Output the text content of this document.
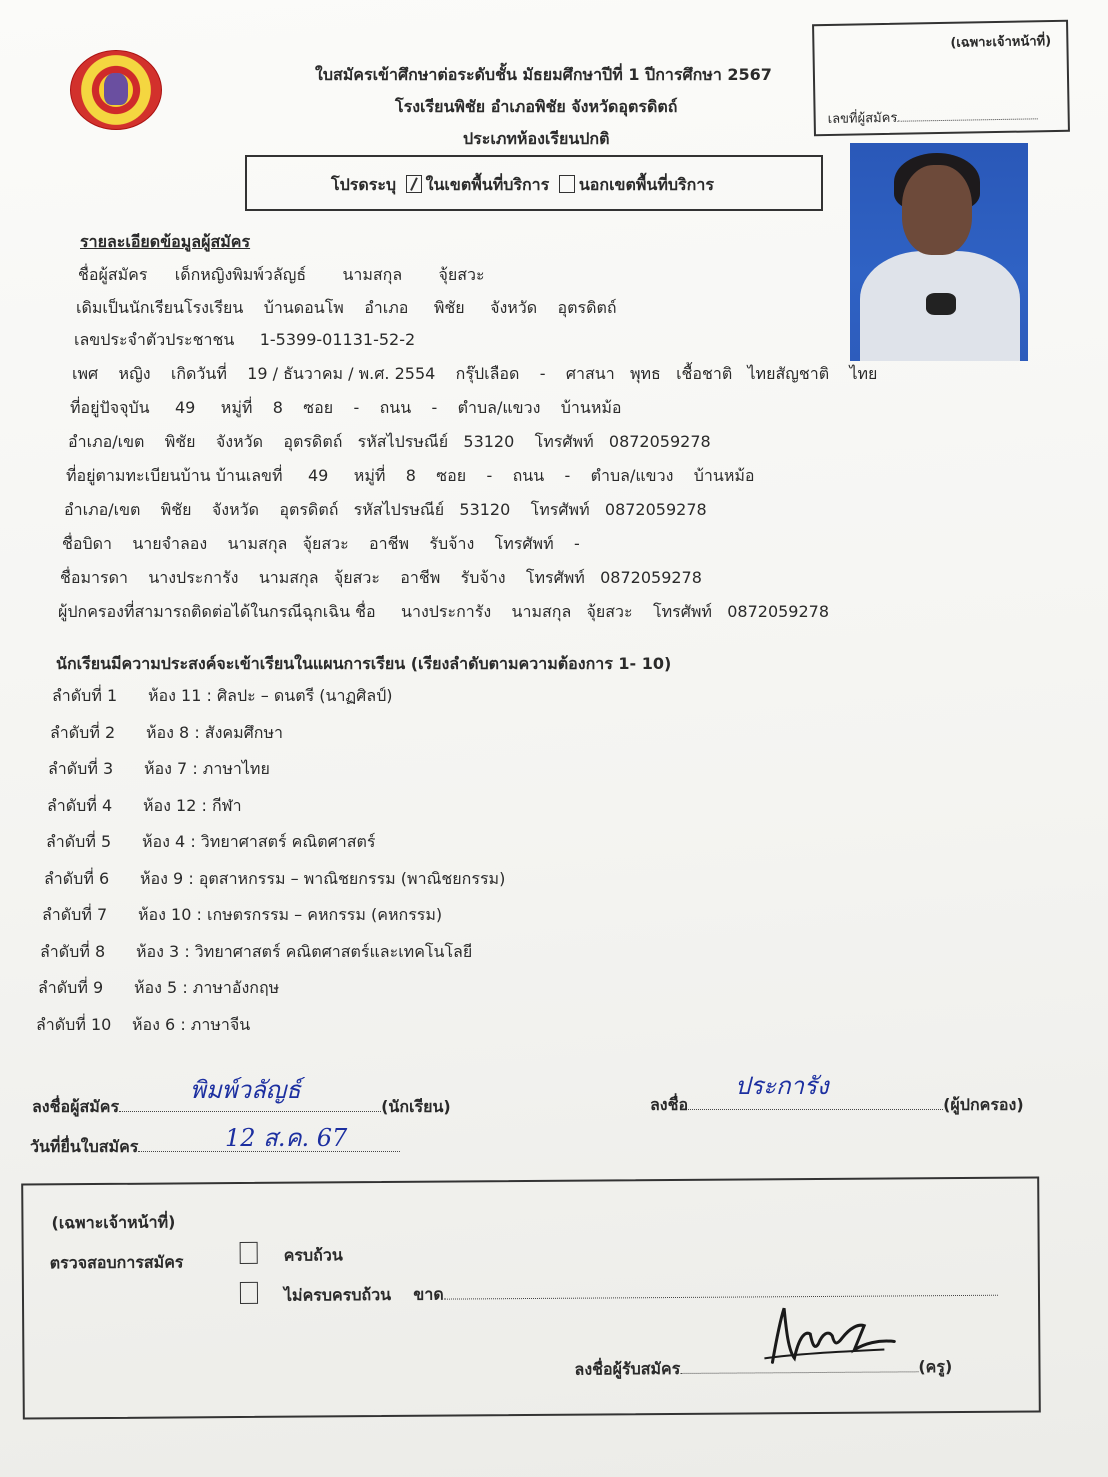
ใบสมัครเข้าศึกษาต่อระดับชั้น มัธยมศึกษาปีที่ 1 ปีการศึกษา 2567
โรงเรียนพิชัย อำเภอพิชัย จังหวัดอุตรดิตถ์
ประเภทห้องเรียนปกติ
(เฉพาะเจ้าหน้าที่)
เลขที่ผู้สมัคร
โปรดระบุ ในเขตพื้นที่บริการ นอกเขตพื้นที่บริการ
รายละเอียดข้อมูลผู้สมัคร
ชื่อผู้สมัคร เด็กหญิงพิมพ์วลัญธ์ นามสกุล จุ้ยสวะ
เดิมเป็นนักเรียนโรงเรียน บ้านดอนโพ อำเภอ พิชัย จังหวัด อุตรดิตถ์
เลขประจำตัวประชาชน 1-5399-01131-52-2
เพศ หญิง เกิดวันที่ 19 / ธันวาคม / พ.ศ. 2554 กรุ๊ปเลือด - ศาสนา พุทธ เชื้อชาติ ไทยสัญชาติ ไทย
ที่อยู่ปัจจุบัน 49 หมู่ที่ 8 ซอย - ถนน - ตำบล/แขวง บ้านหม้อ
อำเภอ/เขต พิชัย จังหวัด อุตรดิตถ์ รหัสไปรษณีย์ 53120 โทรศัพท์ 0872059278
ที่อยู่ตามทะเบียนบ้าน บ้านเลขที่ 49 หมู่ที่ 8 ซอย - ถนน - ตำบล/แขวง บ้านหม้อ
อำเภอ/เขต พิชัย จังหวัด อุตรดิตถ์ รหัสไปรษณีย์ 53120 โทรศัพท์ 0872059278
ชื่อบิดา นายจำลอง นามสกุล จุ้ยสวะ อาชีพ รับจ้าง โทรศัพท์ -
ชื่อมารดา นางประการัง นามสกุล จุ้ยสวะ อาชีพ รับจ้าง โทรศัพท์ 0872059278
ผู้ปกครองที่สามารถติดต่อได้ในกรณีฉุกเฉิน ชื่อ นางประการัง นามสกุล จุ้ยสวะ โทรศัพท์ 0872059278
นักเรียนมีความประสงค์จะเข้าเรียนในแผนการเรียน (เรียงลำดับตามความต้องการ 1- 10)
ลำดับที่ 1 ห้อง 11 : ศิลปะ – ดนตรี (นาฏศิลป์)
ลำดับที่ 2 ห้อง 8 : สังคมศึกษา
ลำดับที่ 3 ห้อง 7 : ภาษาไทย
ลำดับที่ 4 ห้อง 12 : กีฬา
ลำดับที่ 5 ห้อง 4 : วิทยาศาสตร์ คณิตศาสตร์
ลำดับที่ 6 ห้อง 9 : อุตสาหกรรม – พาณิชยกรรม (พาณิชยกรรม)
ลำดับที่ 7 ห้อง 10 : เกษตรกรรม – คหกรรม (คหกรรม)
ลำดับที่ 8 ห้อง 3 : วิทยาศาสตร์ คณิตศาสตร์และเทคโนโลยี
ลำดับที่ 9 ห้อง 5 : ภาษาอังกฤษ
ลำดับที่ 10 ห้อง 6 : ภาษาจีน
ลงชื่อผู้สมัคร	(นักเรียน)
พิมพ์วลัญธ์
ลงชื่อ	(ผู้ปกครอง)
ประการัง
วันที่ยื่นใบสมัคร	12 ส.ค. 67
(เฉพาะเจ้าหน้าที่)
ตรวจสอบการสมัคร	ครบถ้วน
ไม่ครบครบถ้วน ขาด
ลงชื่อผู้รับสมัคร	(ครู)
